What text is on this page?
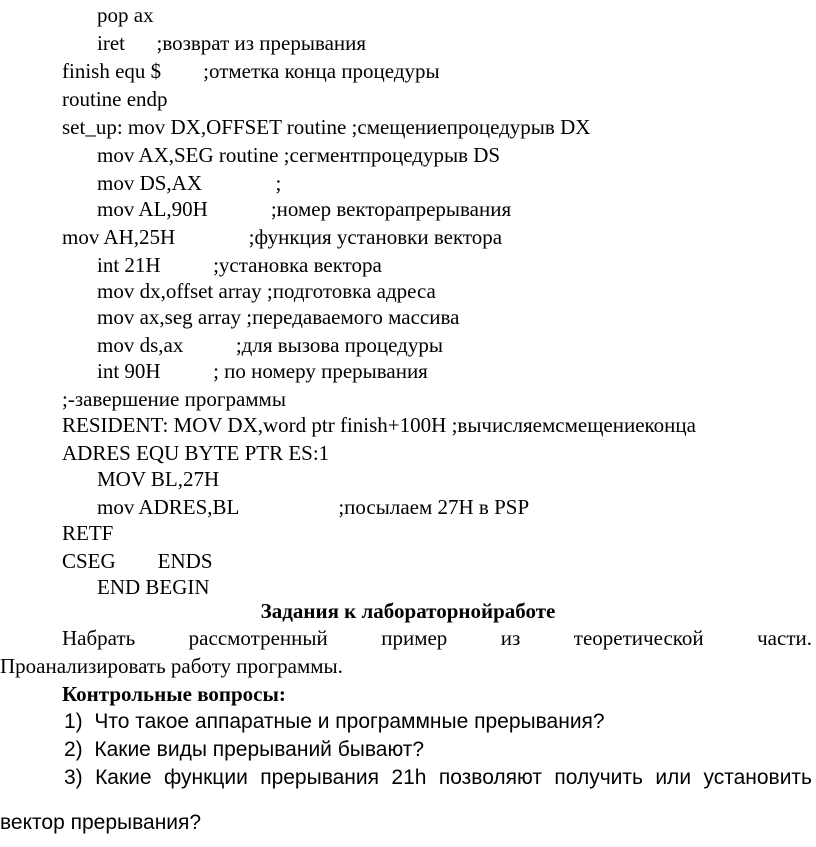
pop ax
iret      ;возврат из прерывания
finish equ $        ;отметка конца процедуры
routine endp
set_up: mov DX,OFFSET routine ;смещениепроцедурыв DX
mov AX,SEG routine ;сегментпроцедурыв DS
mov DS,AX              ;
mov AL,90H            ;номер векторапрерывания
mov AH,25H              ;функция установки вектора
int 21H          ;установка вектора
mov dx,offset array ;подготовка адреса
mov ax,seg array ;передаваемого массива
mov ds,ax          ;для вызова процедуры
int 90H          ; по номеру прерывания
;-завершение программы
RESIDENT: MOV DX,word ptr finish+100H ;вычисляемсмещениеконца
ADRES EQU BYTE PTR ES:1
MOV BL,27H
mov ADRES,BL                   ;посылаем 27H в PSP
RETF
CSEG        ENDS
END BEGIN
Задания к лабораторнойработе
Набрать рассмотренный пример из теоретической части.
Проанализировать работу программы.
Контрольные вопросы:
1)  Что такое аппаратные и программные прерывания?
2)  Какие виды прерываний бывают?
3) Какие функции прерывания 21h позволяют получить или установить
вектор прерывания?
